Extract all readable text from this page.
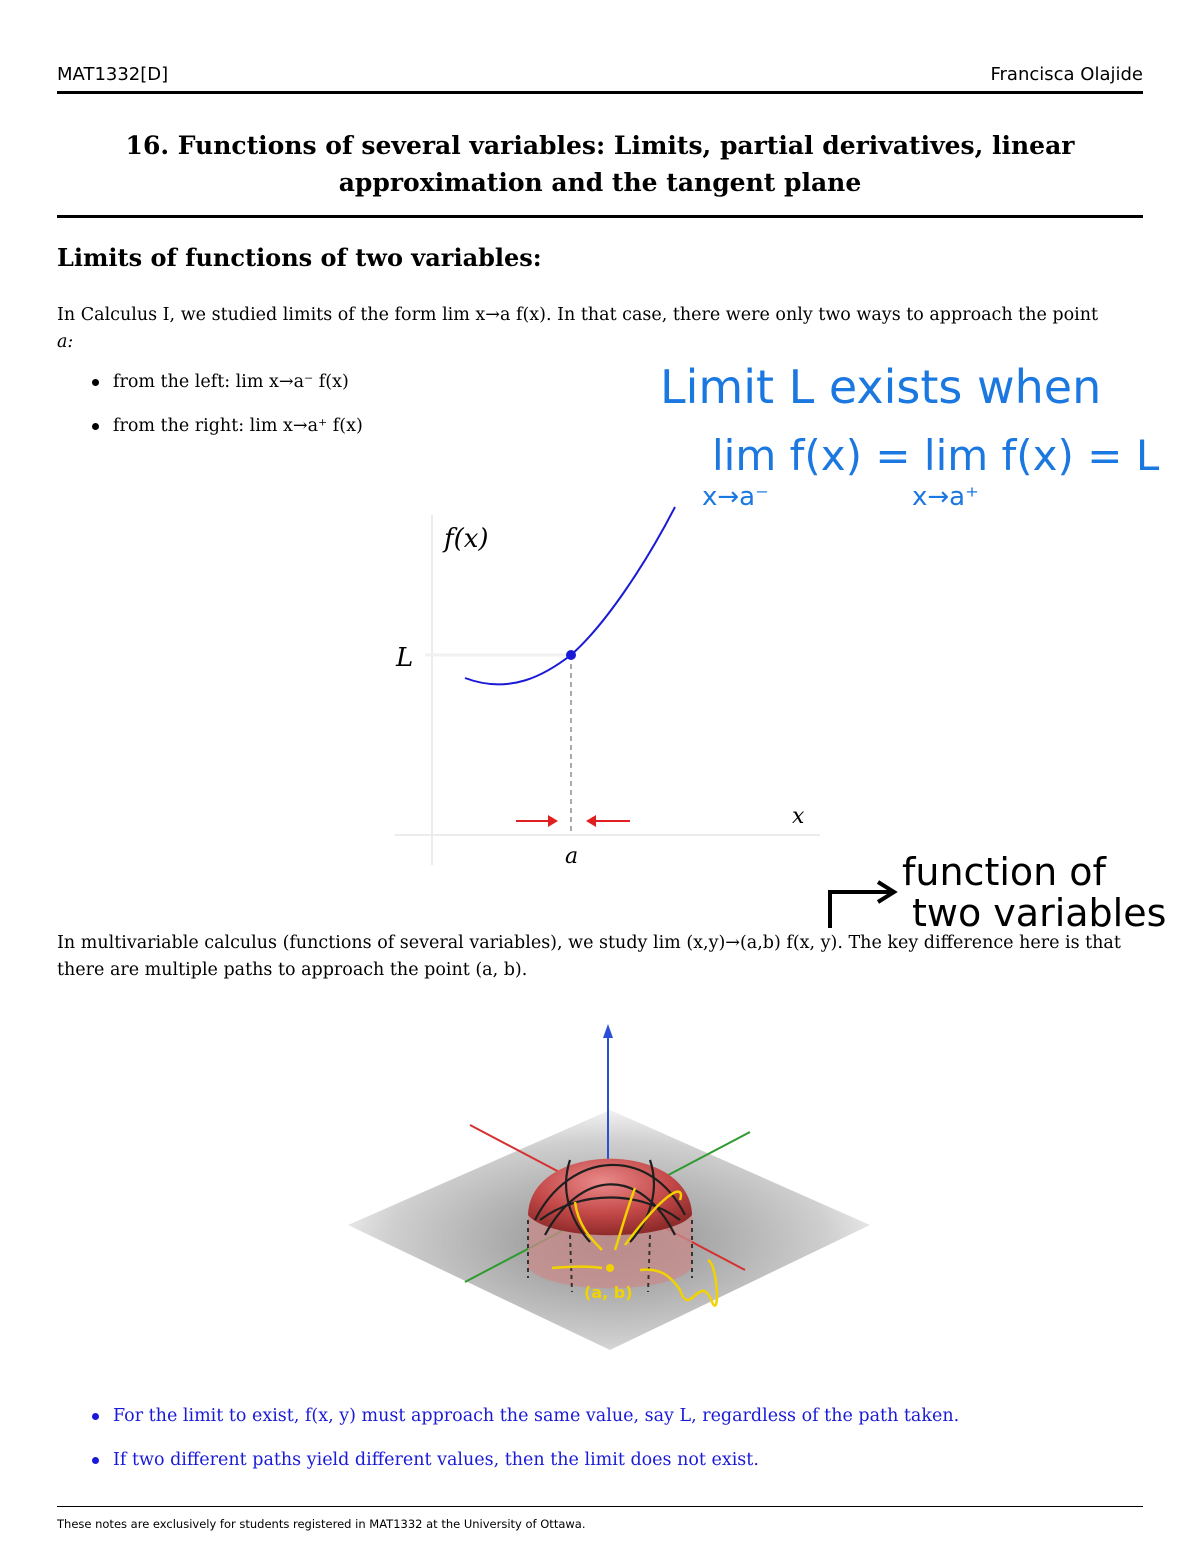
MAT1332[D]	Francisca Olajide
16. Functions of several variables: Limits, partial derivatives, linear
approximation and the tangent plane
Limits of functions of two variables:
In Calculus I, we studied limits of the form lim x→a f(x). In that case, there were only two ways to approach the point
a:
from the left: lim x→a⁻ f(x)
from the right: lim x→a⁺ f(x)
Limit L exists when
lim f(x) = lim f(x) = L
x→a⁻	x→a⁺
f(x)
x
L
a	function of
two variables
In multivariable calculus (functions of several variables), we study lim (x,y)→(a,b) f(x, y). The key difference here is that
there are multiple paths to approach the point (a, b).
(a, b)
For the limit to exist, f(x, y) must approach the same value, say L, regardless of the path taken.
If two different paths yield different values, then the limit does not exist.
These notes are exclusively for students registered in MAT1332 at the University of Ottawa.
